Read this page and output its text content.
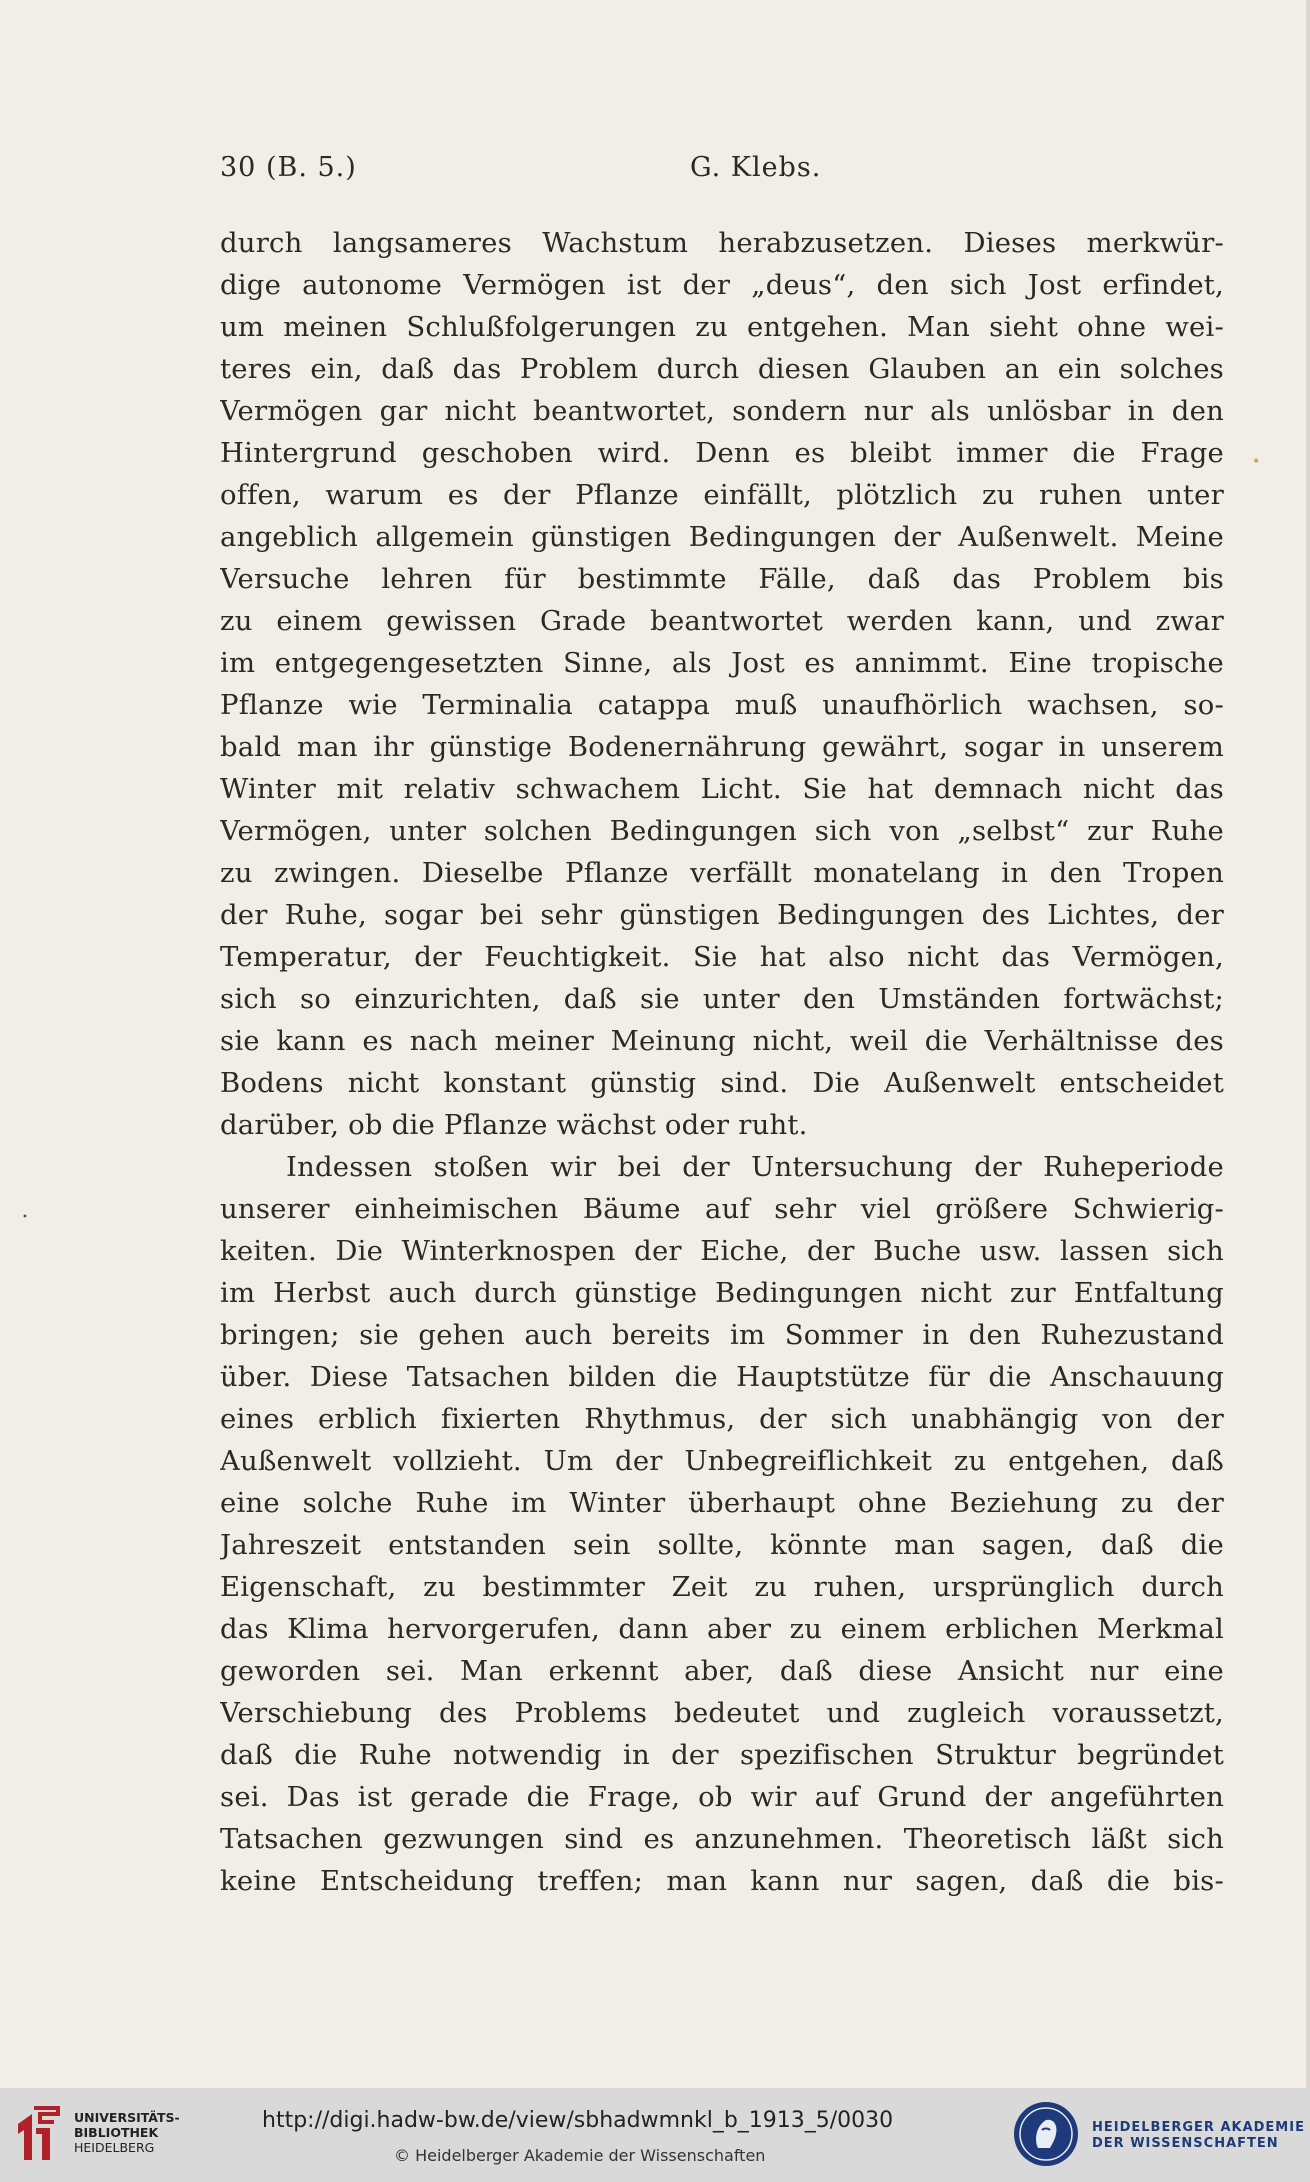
30 (B. 5.)	G. Klebs.
durch langsameres Wachstum herabzusetzen. Dieses merkwür-
dige autonome Vermögen ist der „deus“, den sich Jost erfindet,
um meinen Schlußfolgerungen zu entgehen. Man sieht ohne wei-
teres ein, daß das Problem durch diesen Glauben an ein solches
Vermögen gar nicht beantwortet, sondern nur als unlösbar in den
Hintergrund geschoben wird. Denn es bleibt immer die Frage
offen, warum es der Pflanze einfällt, plötzlich zu ruhen unter
angeblich allgemein günstigen Bedingungen der Außenwelt. Meine
Versuche lehren für bestimmte Fälle, daß das Problem bis
zu einem gewissen Grade beantwortet werden kann, und zwar
im entgegengesetzten Sinne, als Jost es annimmt. Eine tropische
Pflanze wie Terminalia catappa muß unaufhörlich wachsen, so-
bald man ihr günstige Bodenernährung gewährt, sogar in unserem
Winter mit relativ schwachem Licht. Sie hat demnach nicht das
Vermögen, unter solchen Bedingungen sich von „selbst“ zur Ruhe
zu zwingen. Dieselbe Pflanze verfällt monatelang in den Tropen
der Ruhe, sogar bei sehr günstigen Bedingungen des Lichtes, der
Temperatur, der Feuchtigkeit. Sie hat also nicht das Vermögen,
sich so einzurichten, daß sie unter den Umständen fortwächst;
sie kann es nach meiner Meinung nicht, weil die Verhältnisse des
Bodens nicht konstant günstig sind. Die Außenwelt entscheidet
darüber, ob die Pflanze wächst oder ruht.
Indessen stoßen wir bei der Untersuchung der Ruheperiode
unserer einheimischen Bäume auf sehr viel größere Schwierig-
keiten. Die Winterknospen der Eiche, der Buche usw. lassen sich
im Herbst auch durch günstige Bedingungen nicht zur Entfaltung
bringen; sie gehen auch bereits im Sommer in den Ruhezustand
über. Diese Tatsachen bilden die Hauptstütze für die Anschauung
eines erblich fixierten Rhythmus, der sich unabhängig von der
Außenwelt vollzieht. Um der Unbegreiflichkeit zu entgehen, daß
eine solche Ruhe im Winter überhaupt ohne Beziehung zu der
Jahreszeit entstanden sein sollte, könnte man sagen, daß die
Eigenschaft, zu bestimmter Zeit zu ruhen, ursprünglich durch
das Klima hervorgerufen, dann aber zu einem erblichen Merkmal
geworden sei. Man erkennt aber, daß diese Ansicht nur eine
Verschiebung des Problems bedeutet und zugleich voraussetzt,
daß die Ruhe notwendig in der spezifischen Struktur begründet
sei. Das ist gerade die Frage, ob wir auf Grund der angeführten
Tatsachen gezwungen sind es anzunehmen. Theoretisch läßt sich
keine Entscheidung treffen; man kann nur sagen, daß die bis-
•
•
UNIVERSITÄTS-
BIBLIOTHEK
HEIDELBERG
http://digi.hadw-bw.de/view/sbhadwmnkl_b_1913_5/0030
© Heidelberger Akademie der Wissenschaften
HEIDELBERGER AKADEMIE
DER WISSENSCHAFTEN
